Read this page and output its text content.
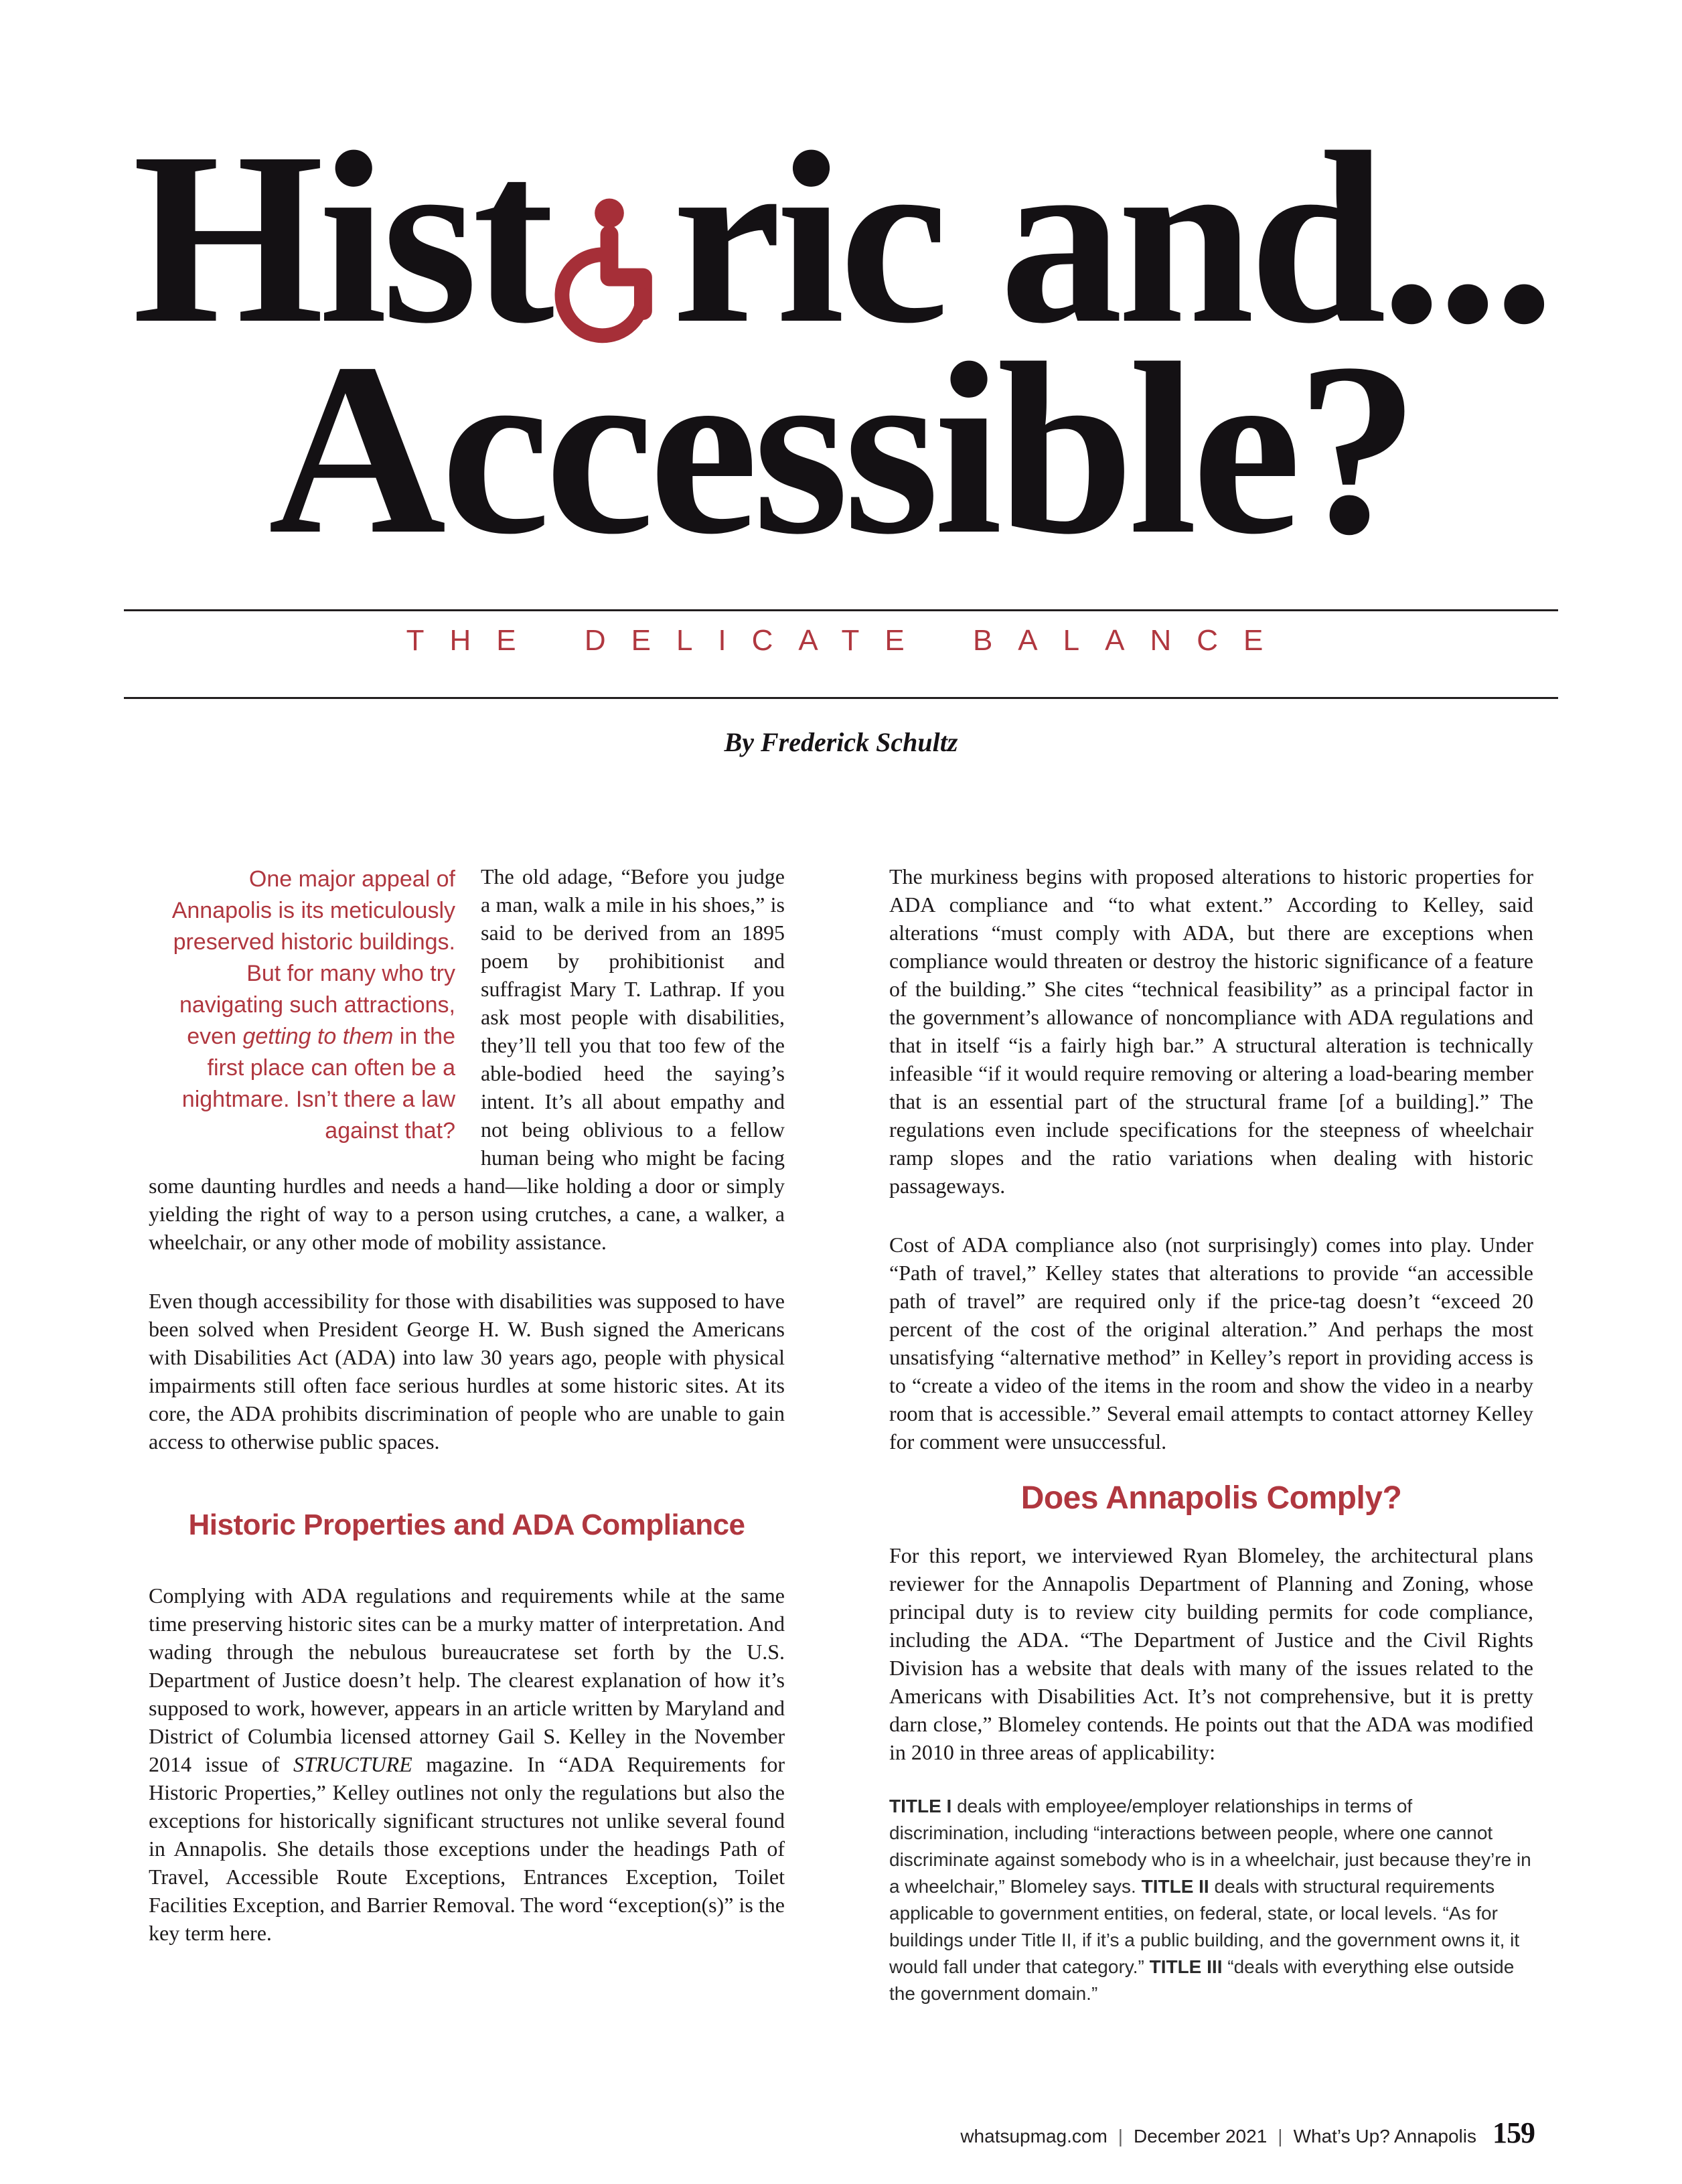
Hist ric and...
Accessible?
THE DELICATE BALANCE
By Frederick Schultz
One major appeal of Annapolis is its meticulously preserved historic buildings. But for many who try navigating such attractions, even getting to them in the first place can often be a nightmare. Isn’t there a law against that?

The old adage, “Before you judge a man, walk a mile in his shoes,” is said to be derived from an 1895 poem by prohibitionist and suffragist Mary T. Lathrap. If you ask most people with disabilities, they’ll tell you that too few of the able-bodied heed the saying’s intent. It’s all about empathy and not being oblivious to a fellow human being who might be facing some daunting hurdles and needs a hand—like holding a door or simply yielding the right of way to a person using crutches, a cane, a walker, a wheelchair, or any other mode of mobility assistance.

Even though accessibility for those with disabilities was supposed to have been solved when President George H. W. Bush signed the Americans with Disabilities Act (ADA) into law 30 years ago, people with physical impairments still often face serious hurdles at some historic sites. At its core, the ADA prohibits discrimination of people who are unable to gain access to otherwise public spaces.

Historic Properties and ADA Compliance

Complying with ADA regulations and requirements while at the same time preserving historic sites can be a murky matter of interpretation. And wading through the nebulous bureaucratese set forth by the U.S. Department of Justice doesn’t help. The clearest explanation of how it’s supposed to work, however, appears in an article written by Maryland and District of Columbia licensed attorney Gail S. Kelley in the November 2014 issue of STRUCTURE magazine. In “ADA Requirements for Historic Properties,” Kelley outlines not only the regulations but also the exceptions for historically significant structures not unlike several found in Annapolis. She details those exceptions under the headings Path of Travel, Accessible Route Exceptions, Entrances Exception, Toilet Facilities Exception, and Barrier Removal. The word “exception(s)” is the key term here.

The murkiness begins with proposed alterations to historic properties for ADA compliance and “to what extent.” According to Kelley, said alterations “must comply with ADA, but there are exceptions when compliance would threaten or destroy the historic significance of a feature of the building.” She cites “technical feasibility” as a principal factor in the government’s allowance of noncompliance with ADA regulations and that in itself “is a fairly high bar.” A structural alteration is technically infeasible “if it would require removing or altering a load-bearing member that is an essential part of the structural frame [of a building].” The regulations even include specifications for the steepness of wheelchair ramp slopes and the ratio variations when dealing with historic passageways.

Cost of ADA compliance also (not surprisingly) comes into play. Under “Path of travel,” Kelley states that alterations to provide “an accessible path of travel” are required only if the price-tag doesn’t “exceed 20 percent of the cost of the original alteration.” And perhaps the most unsatisfying “alternative method” in Kelley’s report in providing access is to “create a video of the items in the room and show the video in a nearby room that is accessible.” Several email attempts to contact attorney Kelley for comment were unsuccessful.

Does Annapolis Comply?

For this report, we interviewed Ryan Blomeley, the architectural plans reviewer for the Annapolis Department of Planning and Zoning, whose principal duty is to review city building permits for code compliance, including the ADA. “The Department of Justice and the Civil Rights Division has a website that deals with many of the issues related to the Americans with Disabilities Act. It’s not comprehensive, but it is pretty darn close,” Blomeley contends. He points out that the ADA was modified in 2010 in three areas of applicability:

TITLE I deals with employee/employer relationships in terms of discrimination, including “interactions between people, where one cannot discriminate against somebody who is in a wheelchair, just because they’re in a wheelchair,” Blomeley says. TITLE II deals with structural requirements applicable to government entities, on federal, state, or local levels. “As for buildings under Title II, if it’s a public building, and the government owns it, it would fall under that category.” TITLE III “deals with everything else outside the government domain.”

whatsupmag.com | December 2021 | What’s Up? Annapolis 159
